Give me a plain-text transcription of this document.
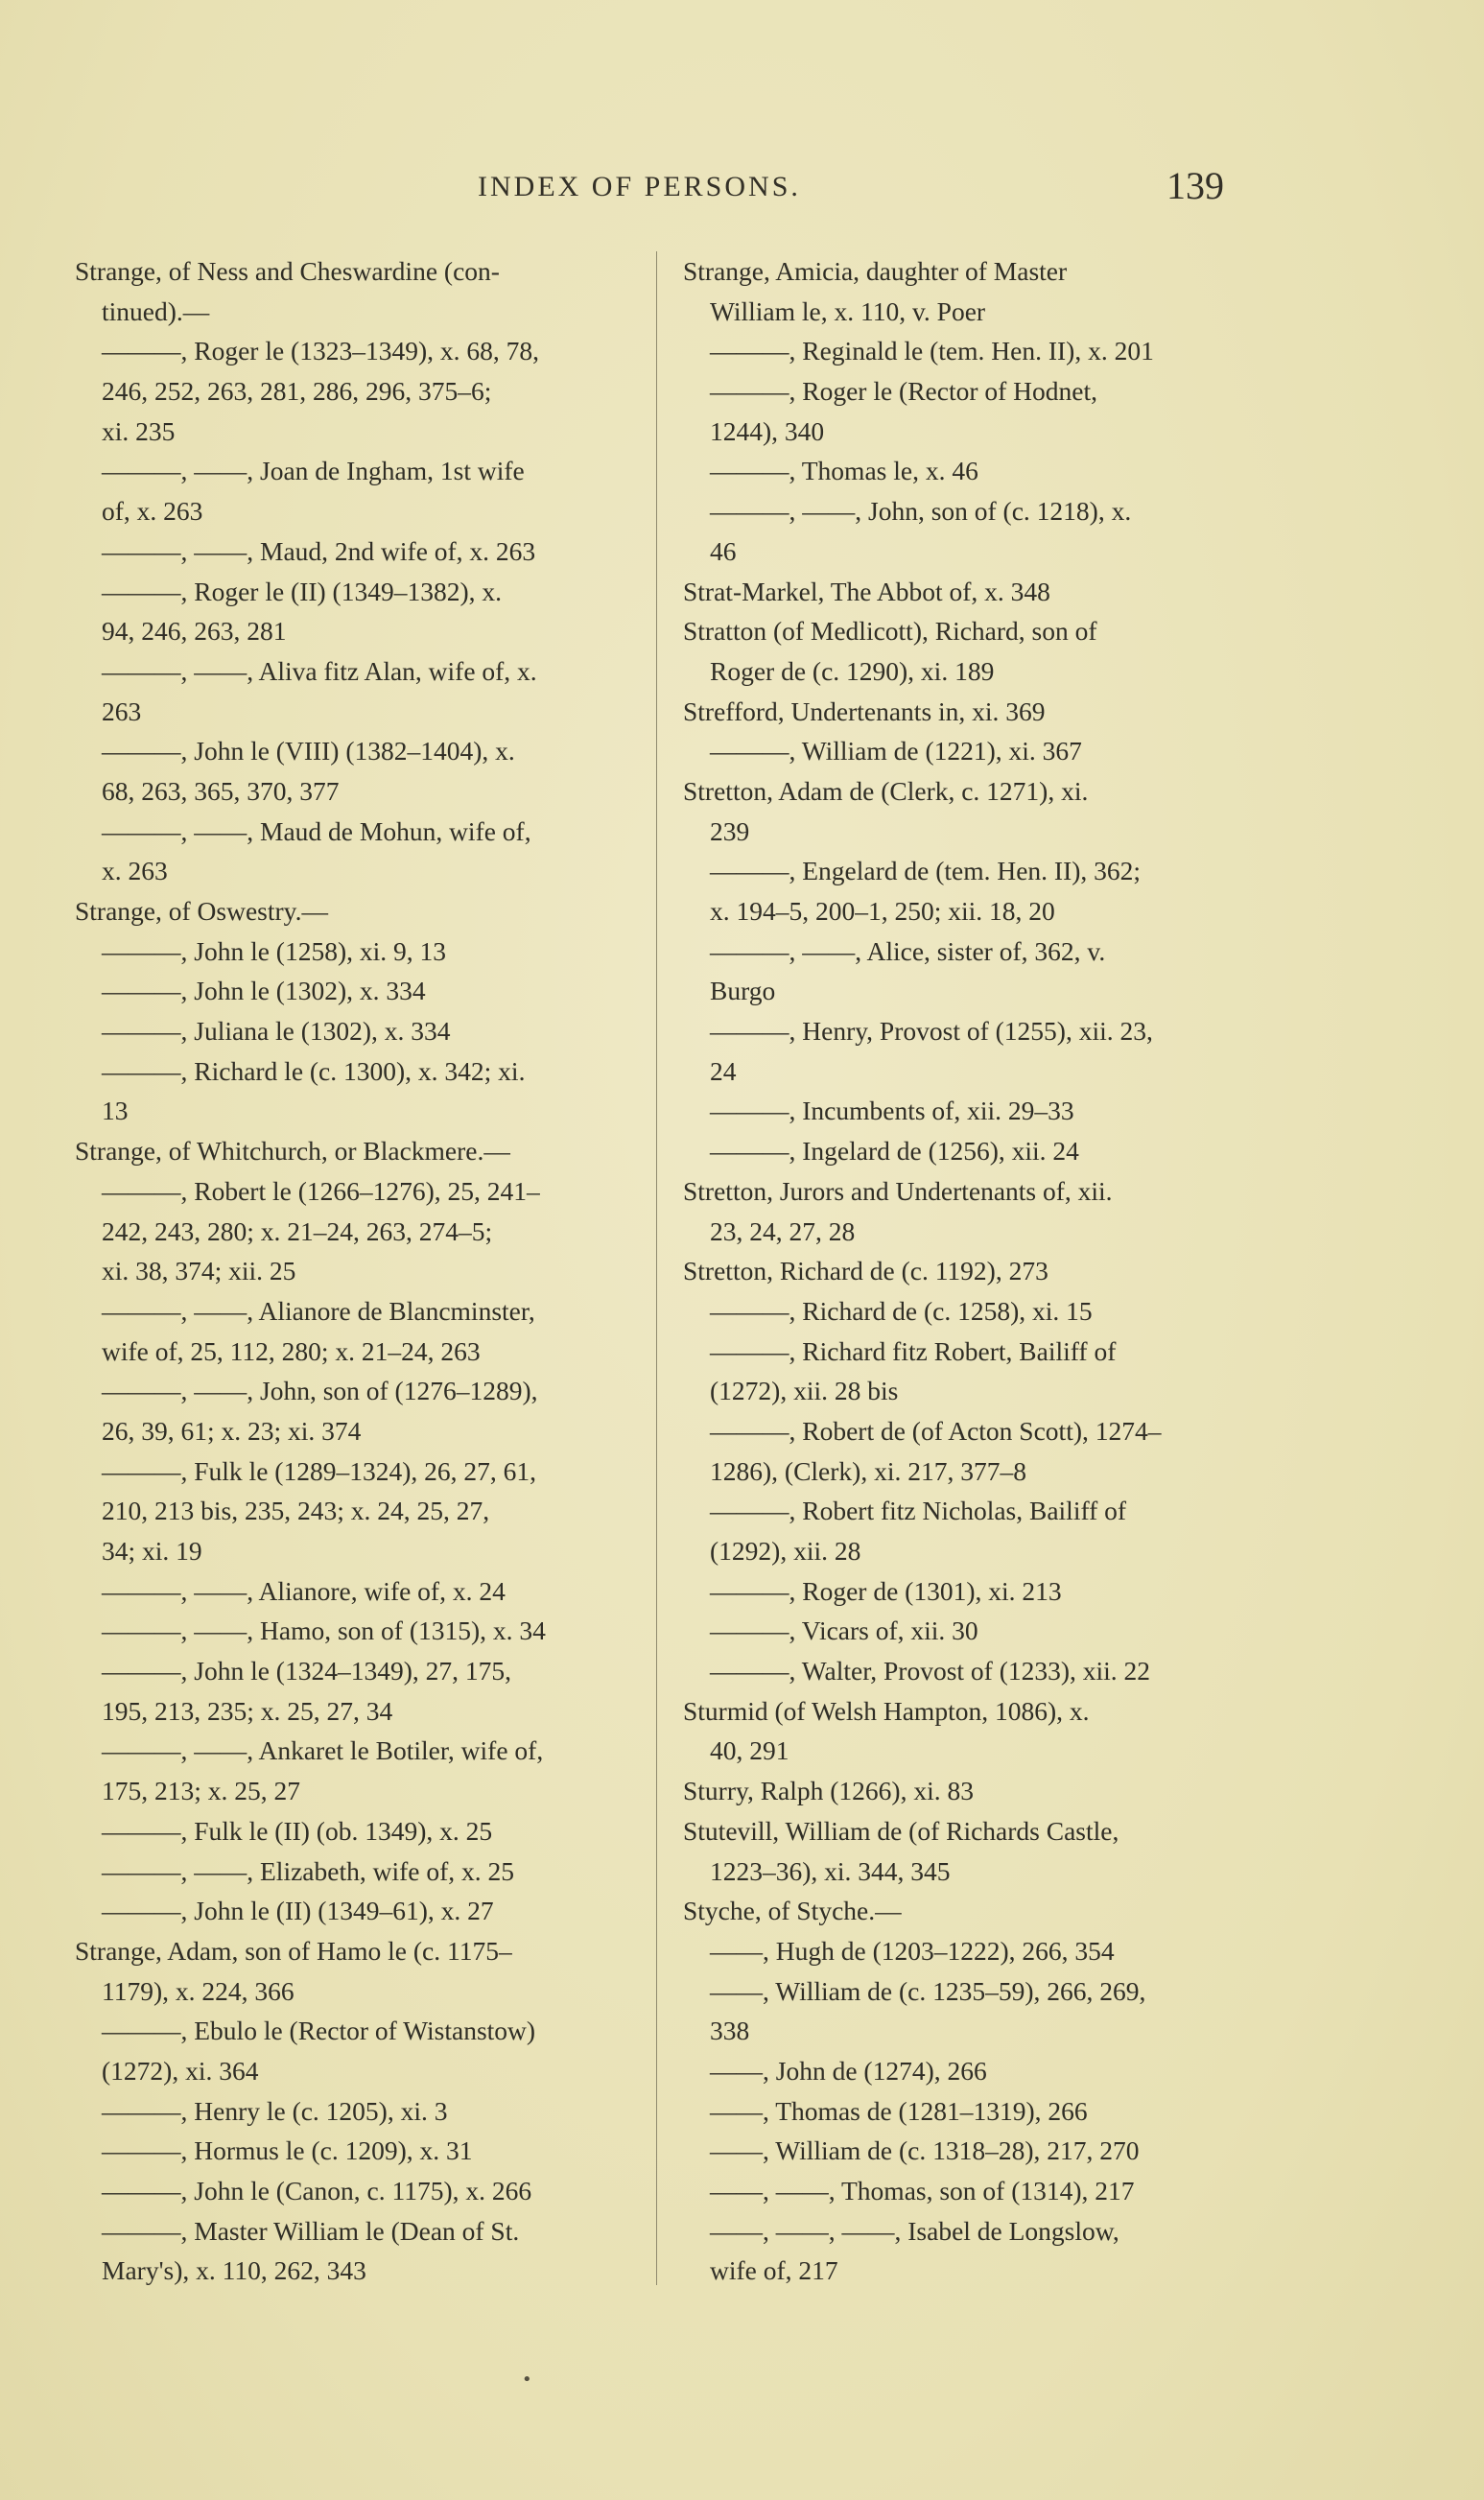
INDEX OF PERSONS.	139
Strange, of Ness and Cheswardine (con-
tinued).—
———, Roger le (1323–1349), x. 68, 78,
246, 252, 263, 281, 286, 296, 375–6;
xi. 235
———, ——, Joan de Ingham, 1st wife
of, x. 263
———, ——, Maud, 2nd wife of, x. 263
———, Roger le (II) (1349–1382), x.
94, 246, 263, 281
———, ——, Aliva fitz Alan, wife of, x.
263
———, John le (VIII) (1382–1404), x.
68, 263, 365, 370, 377
———, ——, Maud de Mohun, wife of,
x. 263
Strange, of Oswestry.—
———, John le (1258), xi. 9, 13
———, John le (1302), x. 334
———, Juliana le (1302), x. 334
———, Richard le (c. 1300), x. 342; xi.
13
Strange, of Whitchurch, or Blackmere.—
———, Robert le (1266–1276), 25, 241–
242, 243, 280; x. 21–24, 263, 274–5;
xi. 38, 374; xii. 25
———, ——, Alianore de Blancminster,
wife of, 25, 112, 280; x. 21–24, 263
———, ——, John, son of (1276–1289),
26, 39, 61; x. 23; xi. 374
———, Fulk le (1289–1324), 26, 27, 61,
210, 213 bis, 235, 243; x. 24, 25, 27,
34; xi. 19
———, ——, Alianore, wife of, x. 24
———, ——, Hamo, son of (1315), x. 34
———, John le (1324–1349), 27, 175,
195, 213, 235; x. 25, 27, 34
———, ——, Ankaret le Botiler, wife of,
175, 213; x. 25, 27
———, Fulk le (II) (ob. 1349), x. 25
———, ——, Elizabeth, wife of, x. 25
———, John le (II) (1349–61), x. 27
Strange, Adam, son of Hamo le (c. 1175–
1179), x. 224, 366
———, Ebulo le (Rector of Wistanstow)
(1272), xi. 364
———, Henry le (c. 1205), xi. 3
———, Hormus le (c. 1209), x. 31
———, John le (Canon, c. 1175), x. 266
———, Master William le (Dean of St.
Mary's), x. 110, 262, 343
Strange, Amicia, daughter of Master
William le, x. 110, v. Poer
———, Reginald le (tem. Hen. II), x. 201
———, Roger le (Rector of Hodnet,
1244), 340
———, Thomas le, x. 46
———, ——, John, son of (c. 1218), x.
46
Strat-Markel, The Abbot of, x. 348
Stratton (of Medlicott), Richard, son of
Roger de (c. 1290), xi. 189
Strefford, Undertenants in, xi. 369
———, William de (1221), xi. 367
Stretton, Adam de (Clerk, c. 1271), xi.
239
———, Engelard de (tem. Hen. II), 362;
x. 194–5, 200–1, 250; xii. 18, 20
———, ——, Alice, sister of, 362, v.
Burgo
———, Henry, Provost of (1255), xii. 23,
24
———, Incumbents of, xii. 29–33
———, Ingelard de (1256), xii. 24
Stretton, Jurors and Undertenants of, xii.
23, 24, 27, 28
Stretton, Richard de (c. 1192), 273
———, Richard de (c. 1258), xi. 15
———, Richard fitz Robert, Bailiff of
(1272), xii. 28 bis
———, Robert de (of Acton Scott), 1274–
1286), (Clerk), xi. 217, 377–8
———, Robert fitz Nicholas, Bailiff of
(1292), xii. 28
———, Roger de (1301), xi. 213
———, Vicars of, xii. 30
———, Walter, Provost of (1233), xii. 22
Sturmid (of Welsh Hampton, 1086), x.
40, 291
Sturry, Ralph (1266), xi. 83
Stutevill, William de (of Richards Castle,
1223–36), xi. 344, 345
Styche, of Styche.—
——, Hugh de (1203–1222), 266, 354
——, William de (c. 1235–59), 266, 269,
338
——, John de (1274), 266
——, Thomas de (1281–1319), 266
——, William de (c. 1318–28), 217, 270
——, ——, Thomas, son of (1314), 217
——, ——, ——, Isabel de Longslow,
wife of, 217
•
